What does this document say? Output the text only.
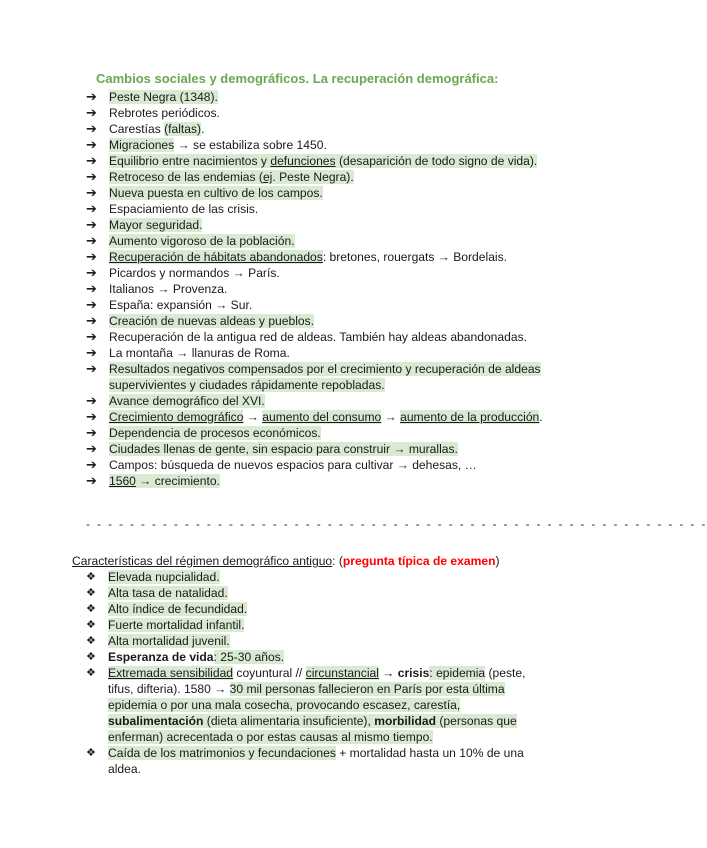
Cambios sociales y demográficos. La recuperación demográfica:
➔ Peste Negra (1348).
➔ Rebrotes periódicos.
➔ Carestías (faltas).
➔ Migraciones → se estabiliza sobre 1450.
➔ Equilibrio entre nacimientos y defunciones (desaparición de todo signo de vida).
➔ Retroceso de las endemias (ej. Peste Negra).
➔ Nueva puesta en cultivo de los campos.
➔ Espaciamiento de las crisis.
➔ Mayor seguridad.
➔ Aumento vigoroso de la población.
➔ Recuperación de hábitats abandonados: bretones, rouergats → Bordelais.
➔ Picardos y normandos → París.
➔ Italianos → Provenza.
➔ España: expansión → Sur.
➔ Creación de nuevas aldeas y pueblos.
➔ Recuperación de la antigua red de aldeas. También hay aldeas abandonadas.
➔ La montaña → llanuras de Roma.
➔ Resultados negativos compensados por el crecimiento y recuperación de aldeas supervivientes y ciudades rápidamente repobladas.
➔ Avance demográfico del XVI.
➔ Crecimiento demográfico → aumento del consumo → aumento de la producción.
➔ Dependencia de procesos económicos.
➔ Ciudades llenas de gente, sin espacio para construir → murallas.
➔ Campos: búsqueda de nuevos espacios para cultivar → dehesas, …
➔ 1560 → crecimiento.
- - - - - - - - - - - - - - - - - - - - - - - - - - - - - - - - - - - - - - - - - - - - - - - - - - - - - - - - -
Características del régimen demográfico antiguo: (pregunta típica de examen)
❖ Elevada nupcialidad.
❖ Alta tasa de natalidad.
❖ Alto índice de fecundidad.
❖ Fuerte mortalidad infantil.
❖ Alta mortalidad juvenil.
❖ Esperanza de vida: 25-30 años.
❖ Extremada sensibilidad coyuntural // circunstancial → crisis: epidemia (peste, tifus, difteria). 1580 → 30 mil personas fallecieron en París por esta última epidemia o por una mala cosecha, provocando escasez, carestía, subalimentación (dieta alimentaria insuficiente), morbilidad (personas que enferman) acrecentada o por estas causas al mismo tiempo.
❖ Caída de los matrimonios y fecundaciones + mortalidad hasta un 10% de una aldea.
